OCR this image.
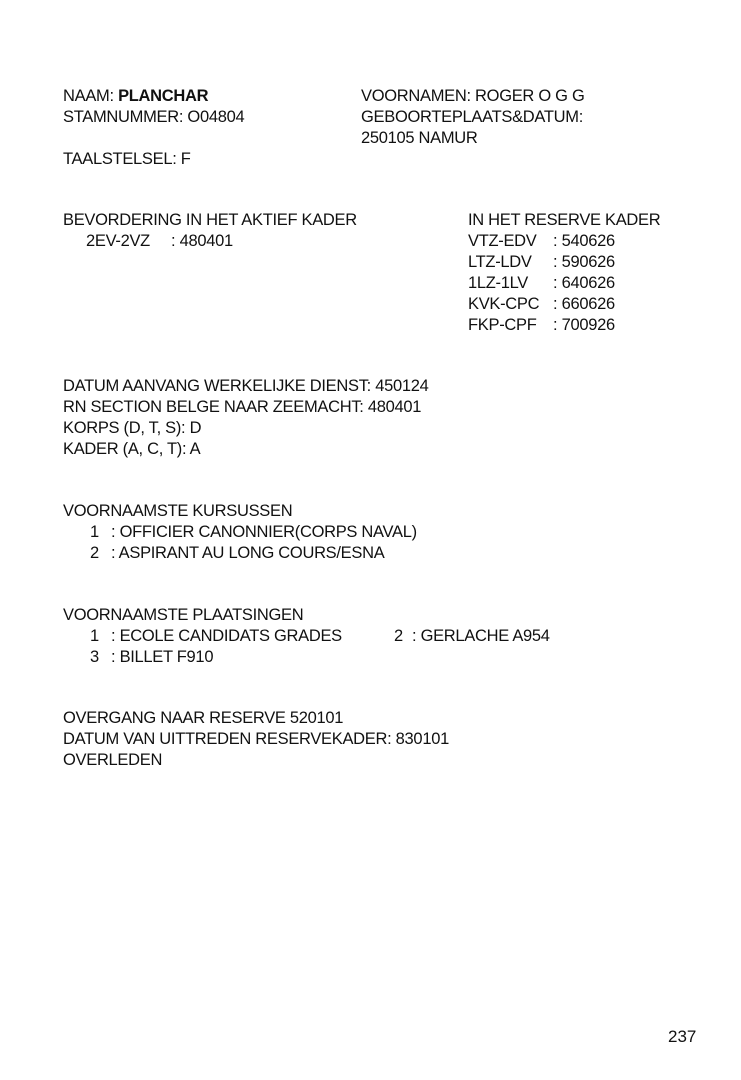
NAAM: PLANCHAR	VOORNAMEN: ROGER O G G
STAMNUMMER: O04804	GEBOORTEPLAATS&DATUM:
250105 NAMUR
TAALSTELSEL: F
BEVORDERING IN HET AKTIEF KADER
2EV-2VZ : 480401
IN HET RESERVE KADER
VTZ-EDV : 540626
LTZ-LDV : 590626
1LZ-1LV : 640626
KVK-CPC : 660626
FKP-CPF : 700926
DATUM AANVANG WERKELIJKE DIENST: 450124
RN SECTION BELGE NAAR ZEEMACHT: 480401
KORPS (D, T, S): D
KADER (A, C, T): A
VOORNAAMSTE KURSUSSEN
1 : OFFICIER CANONNIER(CORPS NAVAL)
2 : ASPIRANT AU LONG COURS/ESNA
VOORNAAMSTE PLAATSINGEN
1 : ECOLE CANDIDATS GRADES	2 : GERLACHE A954
3 : BILLET F910
OVERGANG NAAR RESERVE 520101
DATUM VAN UITTREDEN RESERVEKADER: 830101
OVERLEDEN
237
